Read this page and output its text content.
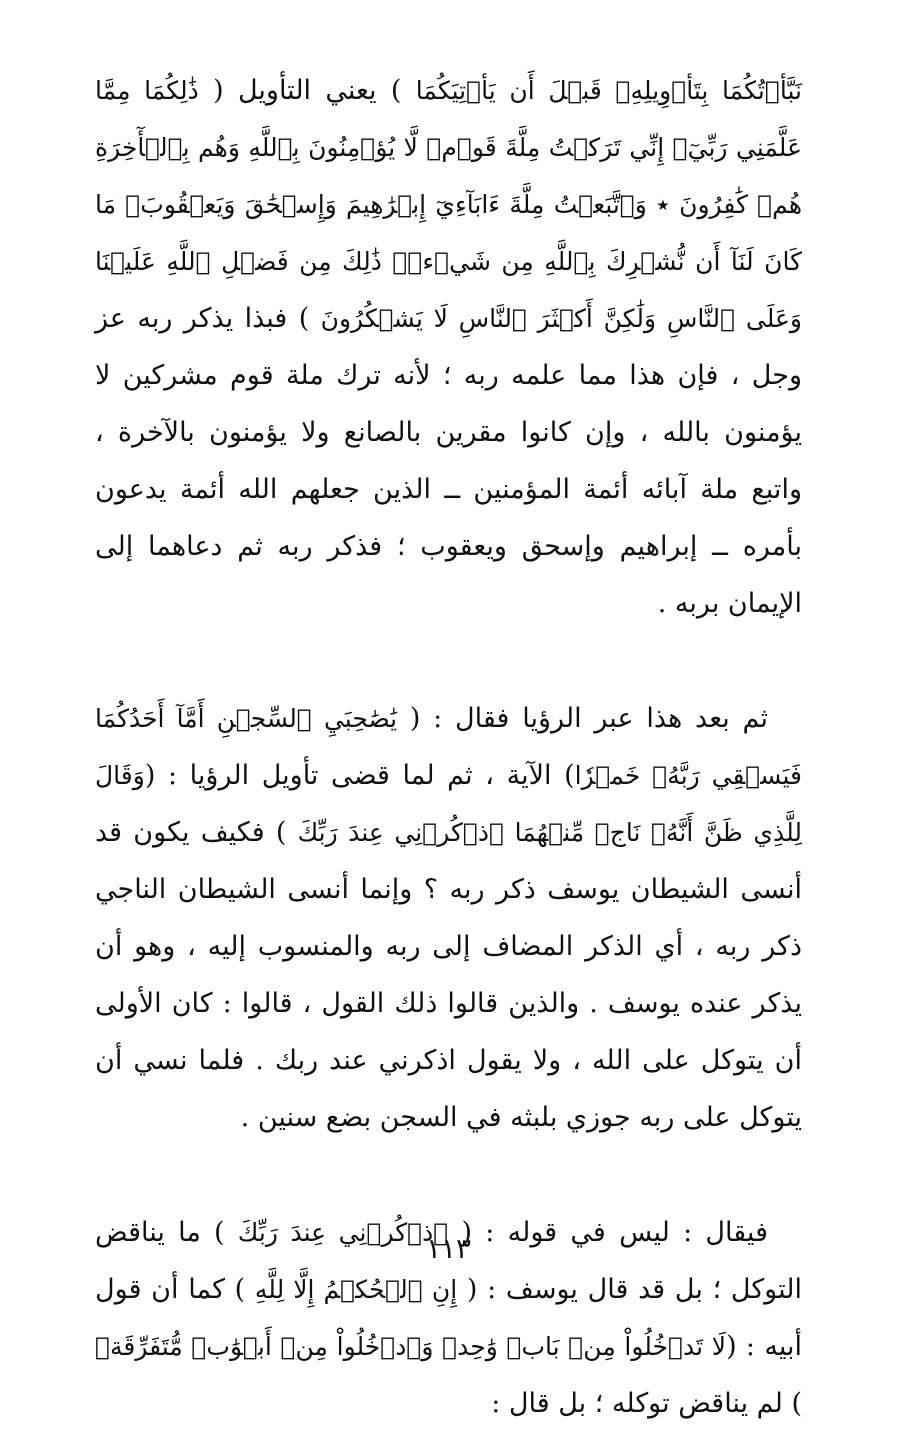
نَبَّأۡتُكُمَا بِتَأۡوِيلِهِۦ قَبۡلَ أَن يَأۡتِيَكُمَا ) يعني التأويل ( ذَٰلِكُمَا مِمَّا عَلَّمَنِي رَبِّيٓۚ إِنِّي تَرَكۡتُ مِلَّةَ قَوۡمٖ لَّا يُؤۡمِنُونَ بِٱللَّهِ وَهُم بِٱلۡأٓخِرَةِ هُمۡ كَٰفِرُونَ ٭ وَٱتَّبَعۡتُ مِلَّةَ ءَابَآءِيٓ إِبۡرَٰهِيمَ وَإِسۡحَٰقَ وَيَعۡقُوبَۚ مَا كَانَ لَنَآ أَن نُّشۡرِكَ بِٱللَّهِ مِن شَيۡءٖۚ ذَٰلِكَ مِن فَضۡلِ ٱللَّهِ عَلَيۡنَا وَعَلَى ٱلنَّاسِ وَلَٰكِنَّ أَكۡثَرَ ٱلنَّاسِ لَا يَشۡكُرُونَ ) فبذا يذكر ربه عز وجل ، فإن هذا مما علمه ربه ؛ لأنه ترك ملة قوم مشركين لا يؤمنون بالله ، وإن كانوا مقرين بالصانع ولا يؤمنون بالآخرة ، واتبع ملة آبائه أئمة المؤمنين ــ الذين جعلهم الله أئمة يدعون بأمره ــ إبراهيم وإسحق ويعقوب ؛ فذكر ربه ثم دعاهما إلى الإيمان بربه .

ثم بعد هذا عبر الرؤيا فقال : ( يَٰصَٰحِبَيِ ٱلسِّجۡنِ أَمَّآ أَحَدُكُمَا فَيَسۡقِي رَبَّهُۥ خَمۡرٗا) الآية ، ثم لما قضى تأويل الرؤيا : (وَقَالَ لِلَّذِي ظَنَّ أَنَّهُۥ نَاجٖ مِّنۡهُمَا ٱذۡكُرۡنِي عِندَ رَبِّكَ ) فكيف يكون قد أنسى الشيطان يوسف ذكر ربه ؟ وإنما أنسى الشيطان الناجي ذكر ربه ، أي الذكر المضاف إلى ربه والمنسوب إليه ، وهو أن يذكر عنده يوسف . والذين قالوا ذلك القول ، قالوا : كان الأولى أن يتوكل على الله ، ولا يقول اذكرني عند ربك . فلما نسي أن يتوكل على ربه جوزي بلبثه في السجن بضع سنين .

فيقال : ليس في قوله : ( ٱذۡكُرۡنِي عِندَ رَبِّكَ ) ما يناقض التوكل ؛ بل قد قال يوسف : ( إِنِ ٱلۡحُكۡمُ إِلَّا لِلَّهِ ) كما أن قول أبيه : (لَا تَدۡخُلُواْ مِنۢ بَابٖ وَٰحِدٖ وَٱدۡخُلُواْ مِنۡ أَبۡوَٰبٖ مُّتَفَرِّقَةٖ ) لم يناقض توكله ؛ بل قال :

١١٣
